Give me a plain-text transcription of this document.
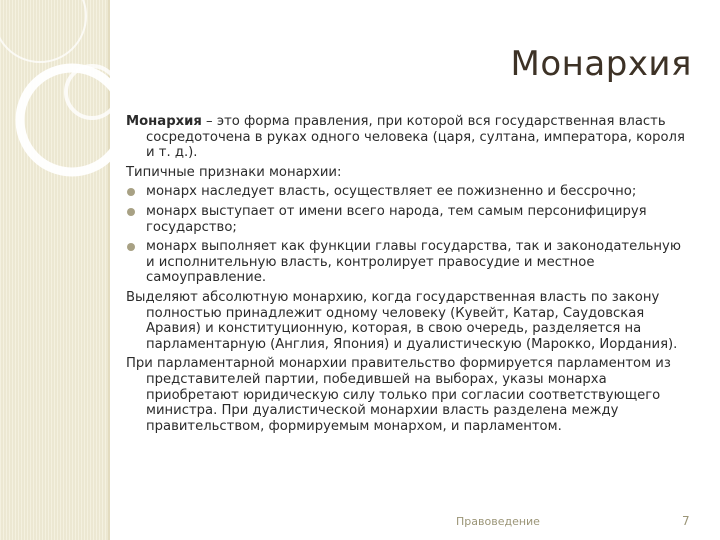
Монархия

Монархия – это форма правления, при которой вся государственная власть сосредоточена в руках одного человека (царя, султана, императора, короля и т. д.).

Типичные признаки монархии:

монарх наследует власть, осуществляет ее пожизненно и бессрочно;
монарх выступает от имени всего народа, тем самым персонифицируя государство;
монарх выполняет как функции главы государства, так и законодательную и исполнительную власть, контролирует правосудие и местное самоуправление.

Выделяют абсолютную монархию, когда государственная власть по закону полностью принадлежит одному человеку (Кувейт, Катар, Саудовская Аравия) и конституционную, которая, в свою очередь, разделяется на парламентарную (Англия, Япония) и дуалистическую (Марокко, Иордания).

При парламентарной монархии правительство формируется парламентом из представителей партии, победившей на выборах, указы монарха приобретают юридическую силу только при согласии соответствующего министра. При дуалистической монархии власть разделена между правительством, формируемым монархом, и парламентом.

Правоведение	7
